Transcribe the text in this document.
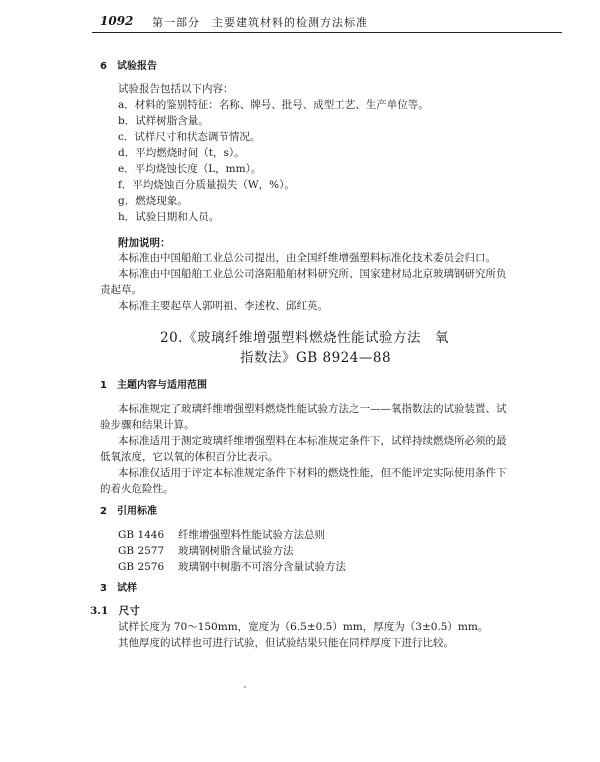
1092 第一部分　主要建筑材料的检测方法标准
6　试验报告
试验报告包括以下内容：
a．材料的鉴别特征：名称、牌号、批号、成型工艺、生产单位等。
b．试样树脂含量。
c．试样尺寸和状态调节情况。
d．平均燃烧时间（t，s）。
e．平均烧蚀长度（L，mm）。
f．平均烧蚀百分质量损失（W，%）。
g．燃烧现象。
h．试验日期和人员。
附加说明：
本标准由中国船舶工业总公司提出，由全国纤维增强塑料标准化技术委员会归口。
本标准由中国船舶工业总公司洛阳船舶材料研究所、国家建材局北京玻璃钢研究所负
责起草。
本标准主要起草人郭明祖、李述枚、邱红英。
20.《玻璃纤维增强塑料燃烧性能试验方法　氧
指数法》GB 8924—88
1　主题内容与适用范围
本标准规定了玻璃纤维增强塑料燃烧性能试验方法之一——氧指数法的试验装置、试
验步骤和结果计算。
本标准适用于测定玻璃纤维增强塑料在本标准规定条件下，试样持续燃烧所必须的最
低氧浓度，它以氧的体积百分比表示。
本标准仅适用于评定本标准规定条件下材料的燃烧性能，但不能评定实际使用条件下
的着火危险性。
2　引用标准
GB 1446 纤维增强塑料性能试验方法总则
GB 2577 玻璃钢树脂含量试验方法
GB 2576 玻璃钢中树脂不可溶分含量试验方法
3　试样
3.1　尺寸
试样长度为 70～150mm，宽度为（6.5±0.5）mm，厚度为（3±0.5）mm。
其他厚度的试样也可进行试验，但试验结果只能在同样厚度下进行比较。
